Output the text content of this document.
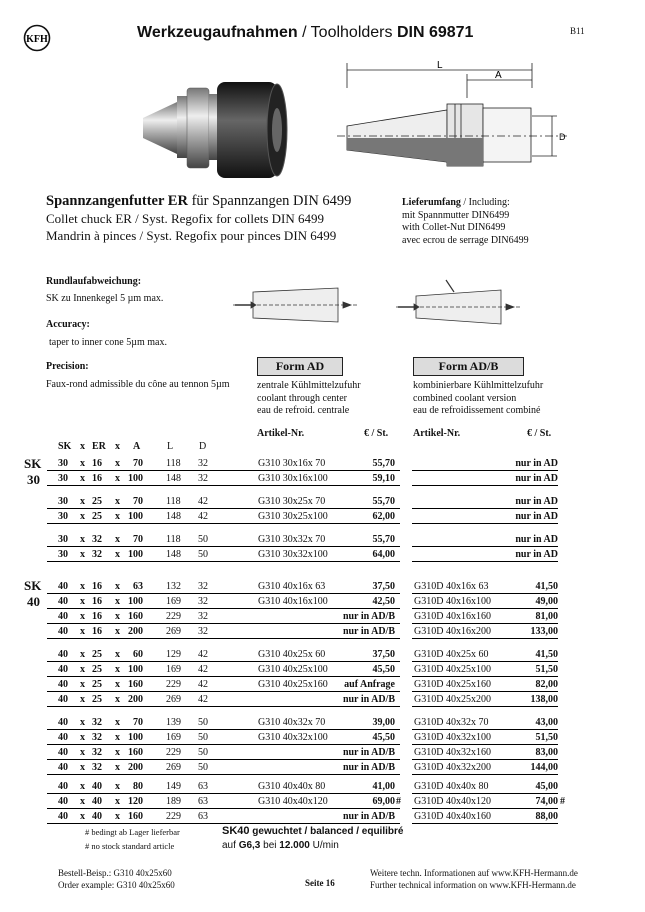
KFH	Werkzeugaufnahmen / Toolholders DIN 69871	B11
L
A
D
Spannzangenfutter ER für Spannzangen DIN 6499
Collet chuck ER / Syst. Regofix for collets DIN 6499
Mandrin à pinces / Syst. Regofix pour pinces DIN 6499
Lieferumfang / Including:
mit Spannmutter DIN6499
with Collet-Nut DIN6499
avec ecrou de serrage DIN6499
Rundlaufabweichung:
SK zu Innenkegel 5 µm max.
Accuracy:
taper to inner cone 5µm max.
Precision:
Faux-rond admissible du cône au tennon 5µm
Form AD	Form AD/B
zentrale Kühlmittelzufuhr
coolant through center
eau de refroid. centrale
kombinierbare Kühlmittelzufuhr
combined coolant version
eau de refroidissement combiné
Artikel-Nr.	€ / St. Artikel-Nr.	€ / St.
SK x ER x A	L	D
SK
30
SK
40
30 x 16 x 70 118 32	G310 30x16x 70	55,70	nur in AD
30 x 16 x 100 148 32	G310 30x16x100	59,10	nur in AD
30 x 25 x 70 118 42	G310 30x25x 70	55,70	nur in AD
30 x 25 x 100 148 42	G310 30x25x100	62,00	nur in AD
30 x 32 x 70 118 50	G310 30x32x 70	55,70	nur in AD
30 x 32 x 100 148 50	G310 30x32x100	64,00	nur in AD
40 x 16 x 63 132 32	G310 40x16x 63	37,50 G310D 40x16x 63	41,50
40 x 16 x 100 169 32	G310 40x16x100	42,50 G310D 40x16x100	49,00
40 x 16 x 160 229 32	nur in AD/B G310D 40x16x160	81,00
40 x 16 x 200 269 32	nur in AD/B G310D 40x16x200	133,00
40 x 25 x 60 129 42	G310 40x25x 60	37,50 G310D 40x25x 60	41,50
40 x 25 x 100 169 42	G310 40x25x100	45,50 G310D 40x25x100	51,50
40 x 25 x 160 229 42	G310 40x25x160 auf Anfrage G310D 40x25x160	82,00
40 x 25 x 200 269 42	nur in AD/B G310D 40x25x200	138,00
40 x 32 x 70 139 50	G310 40x32x 70	39,00 G310D 40x32x 70	43,00
40 x 32 x 100 169 50	G310 40x32x100	45,50 G310D 40x32x100	51,50
40 x 32 x 160 229 50	nur in AD/B G310D 40x32x160	83,00
40 x 32 x 200 269 50	nur in AD/B G310D 40x32x200	144,00
40 x 40 x 80 149 63	G310 40x40x 80	41,00 G310D 40x40x 80	45,00
40 x 40 x 120 189 63	G310 40x40x120	69,00 # G310D 40x40x120	74,00 #
40 x 40 x 160 229 63	nur in AD/B G310D 40x40x160	88,00
# bedingt ab Lager lieferbar
# no stock standard article
SK40 gewuchtet / balanced / equilibré
auf G6,3 bei 12.000 U/min
Bestell-Beisp.: G310 40x25x60
Order example: G310 40x25x60	Seite 16
Weitere techn. Informationen auf www.KFH-Hermann.de
Further technical information on www.KFH-Hermann.de
